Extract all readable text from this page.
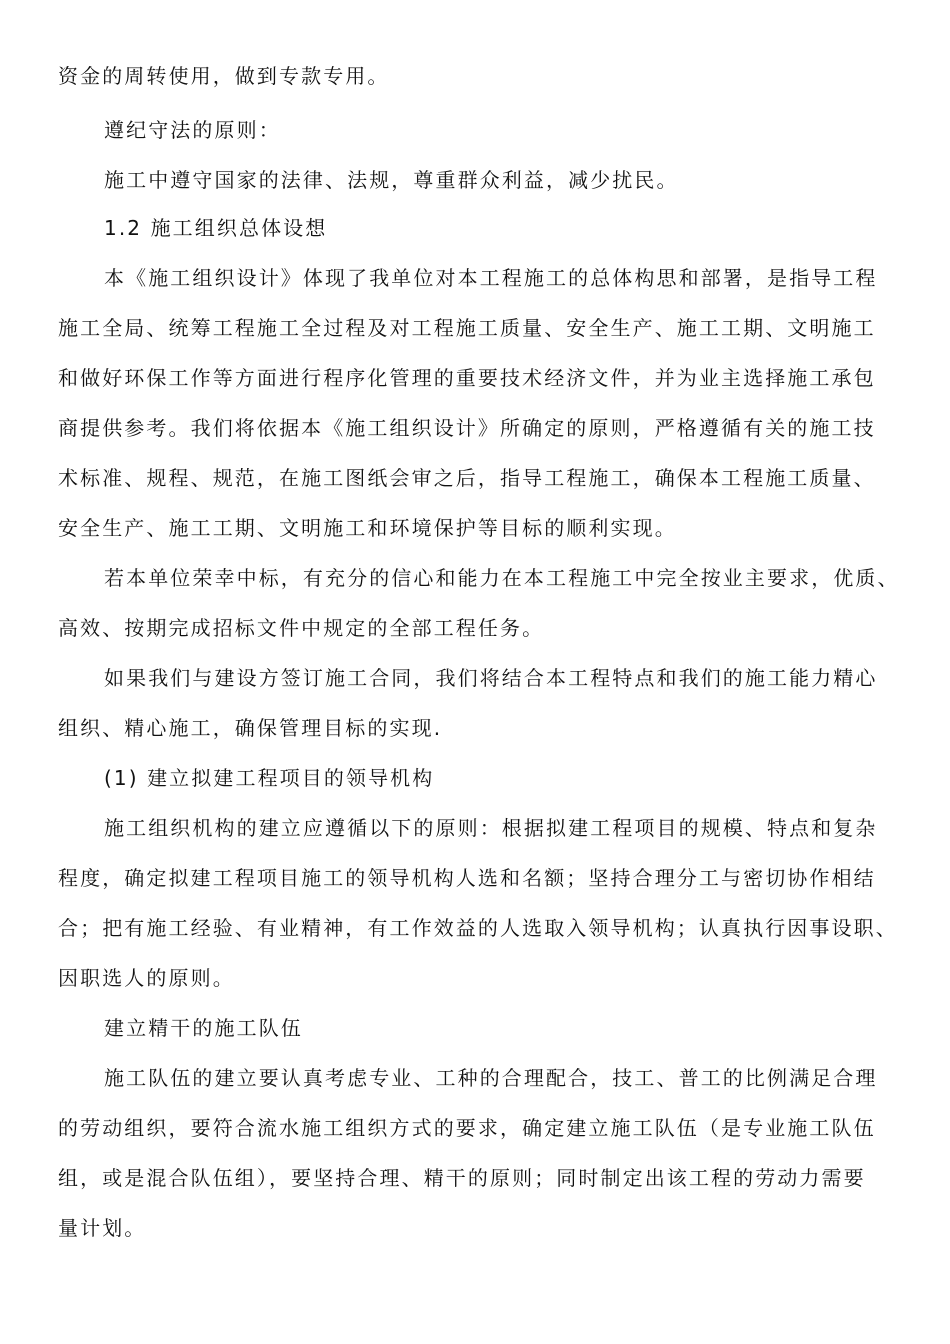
资金的周转使用，做到专款专用。
遵纪守法的原则：
施工中遵守国家的法律、法规，尊重群众利益，减少扰民。
1.2 施工组织总体设想
本《施工组织设计》体现了我单位对本工程施工的总体构思和部署，是指导工程
施工全局、统筹工程施工全过程及对工程施工质量、安全生产、施工工期、文明施工
和做好环保工作等方面进行程序化管理的重要技术经济文件，并为业主选择施工承包
商提供参考。我们将依据本《施工组织设计》所确定的原则，严格遵循有关的施工技
术标准、规程、规范，在施工图纸会审之后，指导工程施工，确保本工程施工质量、
安全生产、施工工期、文明施工和环境保护等目标的顺利实现。
若本单位荣幸中标，有充分的信心和能力在本工程施工中完全按业主要求，优质、
高效、按期完成招标文件中规定的全部工程任务。
如果我们与建设方签订施工合同，我们将结合本工程特点和我们的施工能力精心
组织、精心施工，确保管理目标的实现.
(1) 建立拟建工程项目的领导机构
施工组织机构的建立应遵循以下的原则：根据拟建工程项目的规模、特点和复杂
程度，确定拟建工程项目施工的领导机构人选和名额；坚持合理分工与密切协作相结
合；把有施工经验、有业精神，有工作效益的人选取入领导机构；认真执行因事设职、
因职选人的原则。
建立精干的施工队伍
施工队伍的建立要认真考虑专业、工种的合理配合，技工、普工的比例满足合理
的劳动组织，要符合流水施工组织方式的要求，确定建立施工队伍（是专业施工队伍
组，或是混合队伍组），要坚持合理、精干的原则；同时制定出该工程的劳动力需要
量计划。
